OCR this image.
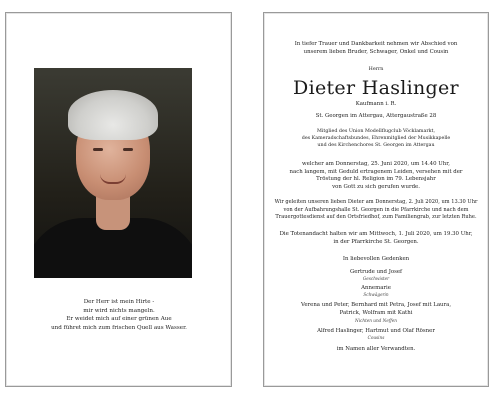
Der Herr ist mein Hirte -
mir wird nichts mangeln.
Er weidet mich auf einer grünen Aue
und führet mich zum frischen Quell aus Wasser.
In tiefer Trauer und Dankbarkeit nehmen wir Abschied von
unserem lieben Bruder, Schwager, Onkel und Cousin
Herrn
Dieter Haslinger
Kaufmann i. R.
St. Georgen im Attergau, Attergaustraße 28
Mitglied des Union Modellflugclub Vöcklamarkt,
des Kameradschaftsbundes, Ehrenmitglied der Musikkapelle
und des Kirchenchores St. Georgen im Attergau
welcher am Donnerstag, 25. Juni 2020, um 14.40 Uhr,
nach langem, mit Geduld ertragenem Leiden, versehen mit der
Tröstung der hl. Religion im 79. Lebensjahr
von Gott zu sich gerufen wurde.
Wir geleiten unseren lieben Dieter am Donnerstag, 2. Juli 2020, um 13.30 Uhr
von der Aufbahrungshalle St. Georgen in die Pfarrkirche und nach dem
Trauergottesdienst auf den Ortsfriedhof, zum Familiengrab, zur letzten Ruhe.
Die Totenandacht halten wir am Mittwoch, 1. Juli 2020, um 19.30 Uhr,
in der Pfarrkirche St. Georgen.
In liebevollen Gedenken
Gertrude und Josef
Geschwister
Annemarie
Schwägerin
Verena und Peter, Bernhard mit Petra, Josef mit Laura,
Patrick, Wolfram mit Kathi
Nichten und Neffen
Alfred Haslinger, Hartmut und Olaf Rösner
Cousins
im Namen aller Verwandten.
